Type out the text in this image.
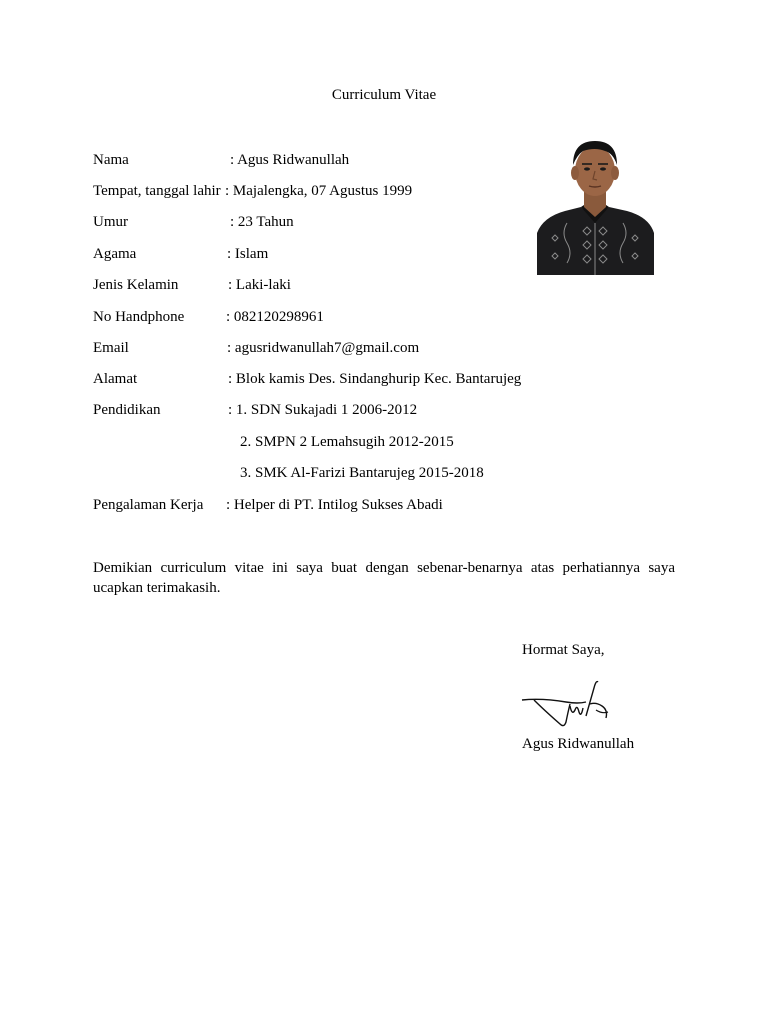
Curriculum Vitae
Nama	: Agus Ridwanullah
Tempat, tanggal lahir : Majalengka, 07 Agustus 1999
Umur	: 23 Tahun
Agama	: Islam
Jenis Kelamin	: Laki-laki
No Handphone	: 082120298961
Email	: agusridwanullah7@gmail.com
Alamat	: Blok kamis Des. Sindanghurip Kec. Bantarujeg
Pendidikan	: 1. SDN Sukajadi 1 2006-2012
2. SMPN 2 Lemahsugih 2012-2015
3. SMK Al-Farizi Bantarujeg 2015-2018
Pengalaman Kerja : Helper di PT. Intilog Sukses Abadi
Demikian curriculum vitae ini saya buat dengan sebenar-benarnya atas perhatiannya saya ucapkan terimakasih.
Hormat Saya,
Agus Ridwanullah
